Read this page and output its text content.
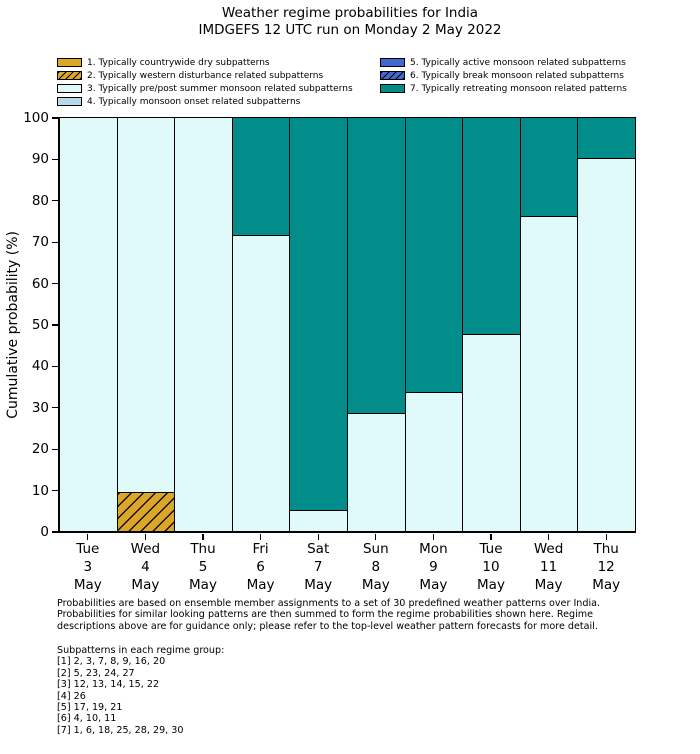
Weather regime probabilities for India
IMDGEFS 12 UTC run on Monday 2 May 2022
1. Typically countrywide dry subpatterns
2. Typically western disturbance related subpatterns
3. Typically pre/post summer monsoon related subpatterns
4. Typically monsoon onset related subpatterns
5. Typically active monsoon related subpatterns
6. Typically break monsoon related subpatterns
7. Typically retreating monsoon related patterns
Cumulative probability (%)
0
10
20
30
40
50
60
70
80
90
100
Tue
3
May
Wed
4
May
Thu
5
May
Fri
6
May
Sat
7
May
Sun
8
May
Mon
9
May
Tue
10
May
Wed
11
May
Thu
12
May
Probabilities are based on ensemble member assignments to a set of 30 predefined weather patterns over India.
Probabilities for similar looking patterns are then summed to form the regime probabilities shown here. Regime
descriptions above are for guidance only; please refer to the top-level weather pattern forecasts for more detail.
Subpatterns in each regime group:
[1] 2, 3, 7, 8, 9, 16, 20
[2] 5, 23, 24, 27
[3] 12, 13, 14, 15, 22
[4] 26
[5] 17, 19, 21
[6] 4, 10, 11
[7] 1, 6, 18, 25, 28, 29, 30
